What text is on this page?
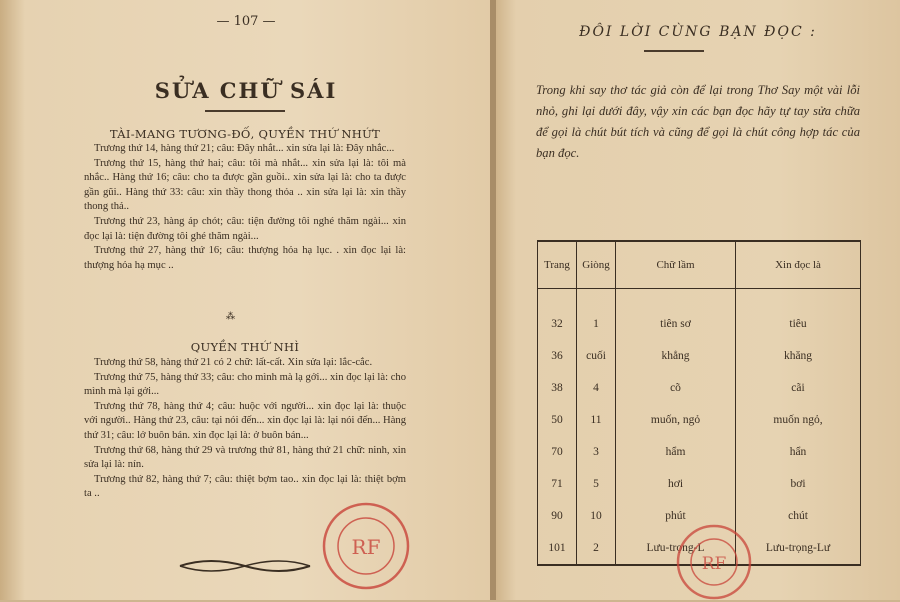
— 107 —
SỬA CHỮ SÁI
TÀI-MANG TƯƠNG-ĐỐ, QUYỀN THỨ NHỨT

Trương thứ 14, hàng thứ 21; câu: Đây nhắt... xin sửa lại là: Đây nhắc...

Trương thứ 15, hàng thứ hai; câu: tôi mà nhắt... xin sửa lại là: tôi mà nhắc.. Hàng thứ 16; câu: cho ta được gần guồi.. xin sửa lại là: cho ta được gần gũi.. Hàng thứ 33: câu: xin thầy thong thỏa .. xin sửa lại là: xin thầy thong thả..

Trương thứ 23, hàng áp chót; câu: tiện đường tôi nghé thăm ngài... xin đọc lại là: tiện đường tôi ghé thăm ngài...

Trương thứ 27, hàng thứ 16; câu: thượng hỏa hạ lục. . xin đọc lại là: thượng hỏa hạ mục ..

⁂
QUYỀN THỨ NHÌ

Trương thứ 58, hàng thứ 21 có 2 chữ: lất-cất. Xin sửa lại: lắc-cắc.

Trương thứ 75, hàng thứ 33; câu: cho mình mà lạ gởi... xin đọc lại là: cho mình mà lại gởi...

Trương thứ 78, hàng thứ 4; câu: huộc với người... xin đọc lại là: thuộc với người.. Hàng thứ 23, câu: tại nói đến... xin đọc lại là: lại nói đến... Hàng thứ 31; câu: lở buôn bán. xin đọc lại là: ở buôn bán...

Trương thứ 68, hàng thứ 29 và trương thứ 81, hàng thứ 21 chữ: ninh, xin sửa lại là: nín.

Trương thứ 82, hàng thứ 7; câu: thiệt bợm tao.. xin đọc lại là: thiệt bợm ta ..

RF
ĐÔI LỜI CÙNG BẠN ĐỌC :
Trong khi say thơ tác giả còn để lại trong Thơ Say một vài lỗi nhỏ, ghi lại dưới đây, vậy xin các bạn đọc hãy tự tay sửa chữa để gọi là chút bút tích và cũng để gọi là chút công hợp tác của bạn đọc.
Trang	Giòng	Chữ lầm	Xin đọc là
32	1	tiên sơ	tiêu
36	cuối	khẳng	khăng
38	4	cõ	cãi
50	11	muốn, ngỏ	muốn ngỏ,
70	3	hẩm	hẩn
71	5	hơi	bơi
90	10	phút	chút
101	2	Lưu-trọng-L	Lưu-trọng-Lư
RF
